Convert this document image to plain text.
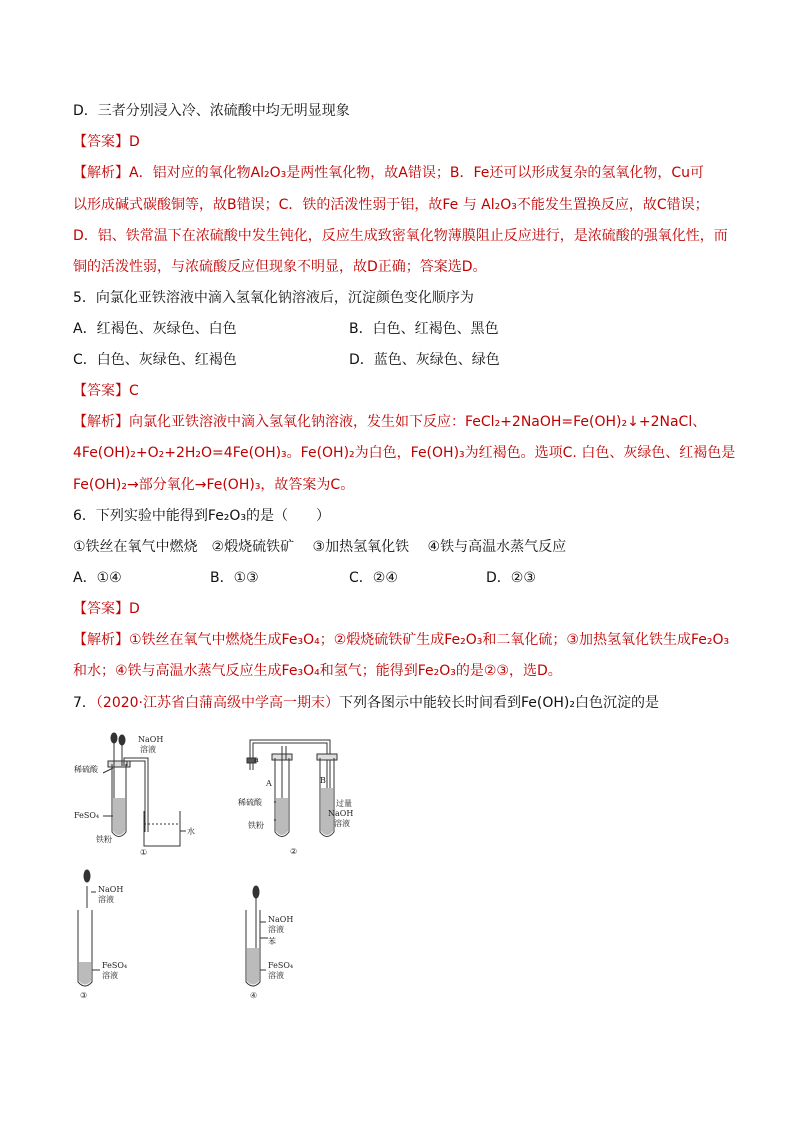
D．三者分别浸入冷、浓硫酸中均无明显现象
【答案】D
【解析】A．铝对应的氧化物Al₂O₃是两性氧化物，故A错误；B．Fe还可以形成复杂的氢氧化物，Cu可
以形成碱式碳酸铜等，故B错误；C．铁的活泼性弱于铝，故Fe 与 Al₂O₃不能发生置换反应，故C错误；
D．铝、铁常温下在浓硫酸中发生钝化，反应生成致密氧化物薄膜阻止反应进行，是浓硫酸的强氧化性，而
铜的活泼性弱，与浓硫酸反应但现象不明显，故D正确；答案选D。
5．向氯化亚铁溶液中滴入氢氧化钠溶液后，沉淀颜色变化顺序为
A．红褐色、灰绿色、白色	B．白色、红褐色、黑色
C．白色、灰绿色、红褐色	D．蓝色、灰绿色、绿色
【答案】C
【解析】向氯化亚铁溶液中滴入氢氧化钠溶液，发生如下反应：FeCl₂+2NaOH=Fe(OH)₂↓+2NaCl、
4Fe(OH)₂+O₂+2H₂O=4Fe(OH)₃。Fe(OH)₂为白色，Fe(OH)₃为红褐色。选项C. 白色、灰绿色、红褐色是
Fe(OH)₂→部分氧化→Fe(OH)₃，故答案为C。
6．下列实验中能得到Fe₂O₃的是（　　）
①铁丝在氧气中燃烧　②煅烧硫铁矿　 ③加热氢氧化铁　 ④铁与高温水蒸气反应
A．①④	B．①③	C．②④	D．②③
【答案】D
【解析】①铁丝在氧气中燃烧生成Fe₃O₄；②煅烧硫铁矿生成Fe₂O₃和二氧化硫；③加热氢氧化铁生成Fe₂O₃
和水；④铁与高温水蒸气反应生成Fe₃O₄和氢气；能得到Fe₂O₃的是②③，选D。
7．（2020·江苏省白蒲高级中学高一期末）下列各图示中能较长时间看到Fe(OH)₂白色沉淀的是
稀硫酸
NaOH
溶液
FeSO₄
铁粉
水
①
a
A	B
稀硫酸
铁粉
过量
NaOH
溶液
②
NaOH
溶液
FeSO₄
溶液
③
NaOH
溶液
苯
FeSO₄
溶液
④
